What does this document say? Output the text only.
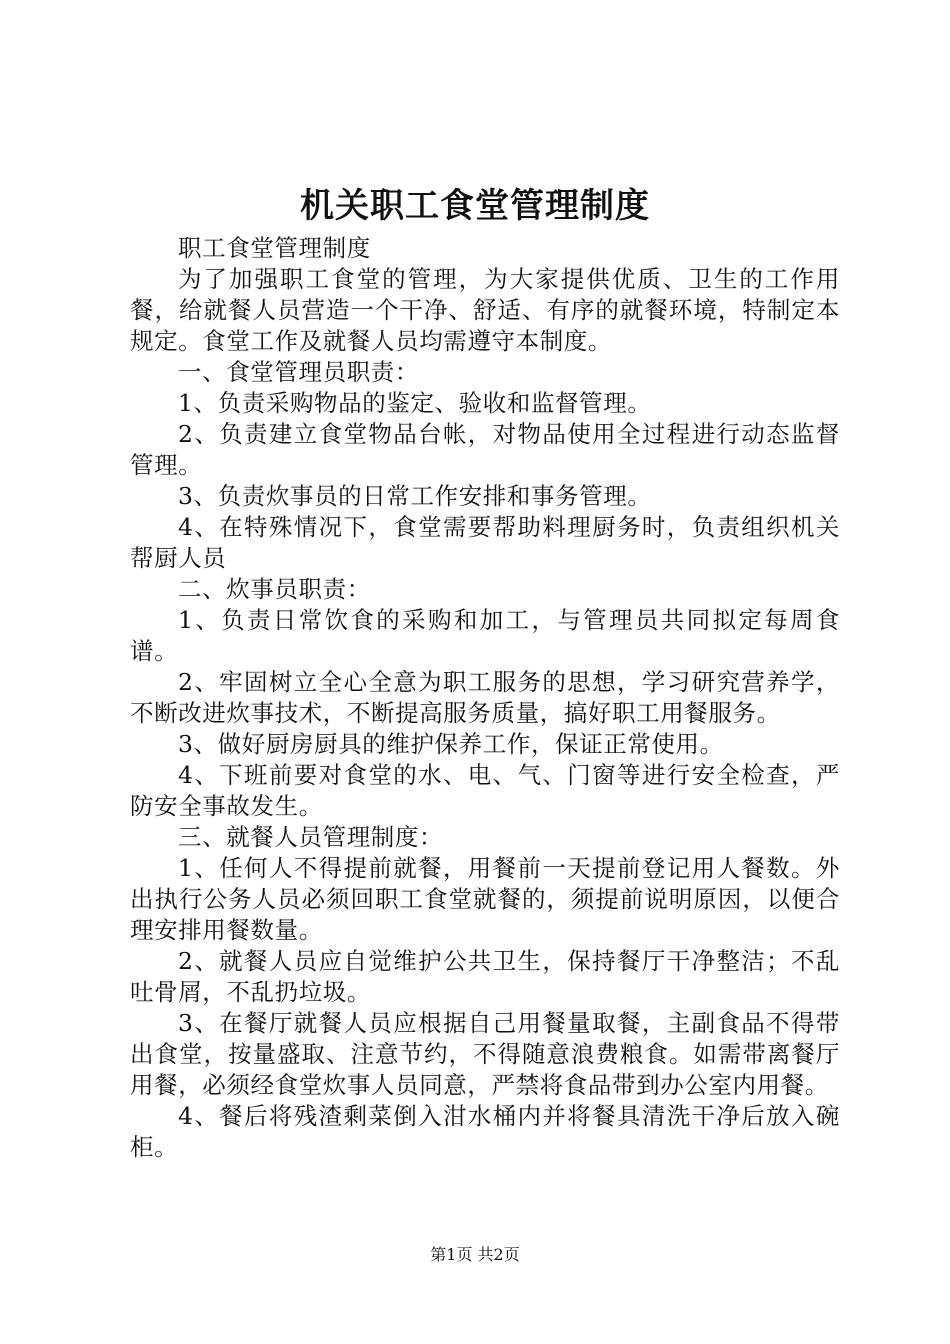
机关职工食堂管理制度

职工食堂管理制度

为了加强职工食堂的管理，为大家提供优质、卫生的工作用餐，给就餐人员营造一个干净、舒适、有序的就餐环境，特制定本规定。食堂工作及就餐人员均需遵守本制度。

一、食堂管理员职责：

1、负责采购物品的鉴定、验收和监督管理。

2、负责建立食堂物品台帐，对物品使用全过程进行动态监督管理。

3、负责炊事员的日常工作安排和事务管理。

4、在特殊情况下，食堂需要帮助料理厨务时，负责组织机关帮厨人员

二、炊事员职责：

1、负责日常饮食的采购和加工，与管理员共同拟定每周食谱。

2、牢固树立全心全意为职工服务的思想，学习研究营养学，不断改进炊事技术，不断提高服务质量，搞好职工用餐服务。

3、做好厨房厨具的维护保养工作，保证正常使用。

4、下班前要对食堂的水、电、气、门窗等进行安全检查，严防安全事故发生。

三、就餐人员管理制度：

1、任何人不得提前就餐，用餐前一天提前登记用人餐数。外出执行公务人员必须回职工食堂就餐的，须提前说明原因，以便合理安排用餐数量。

2、就餐人员应自觉维护公共卫生，保持餐厅干净整洁；不乱吐骨屑，不乱扔垃圾。

3、在餐厅就餐人员应根据自己用餐量取餐，主副食品不得带出食堂，按量盛取、注意节约，不得随意浪费粮食。如需带离餐厅用餐，必须经食堂炊事人员同意，严禁将食品带到办公室内用餐。

4、餐后将残渣剩菜倒入泔水桶内并将餐具清洗干净后放入碗柜。

第1页 共2页
